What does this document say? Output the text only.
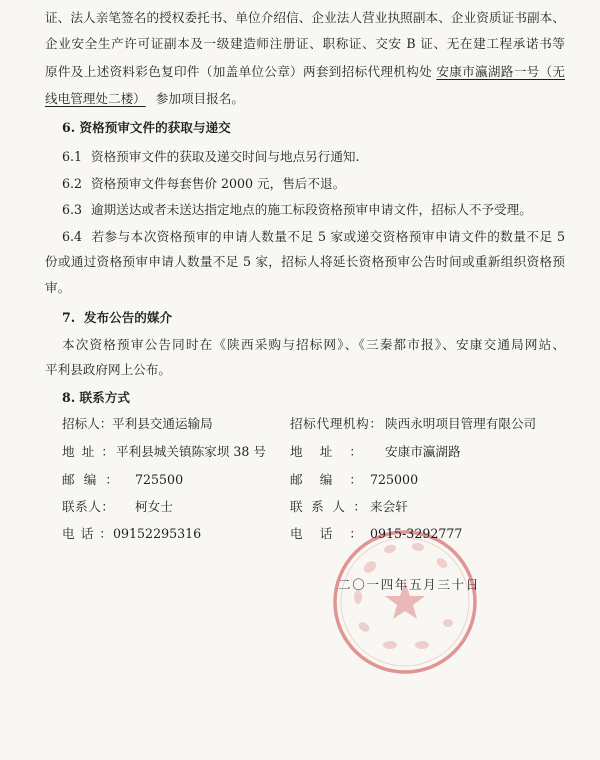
证、法人亲笔签名的授权委托书、单位介绍信、企业法人营业执照副本、企业资质证书副本、
企业安全生产许可证副本及一级建造师注册证、职称证、交安 B 证、无在建工程承诺书等
原件及上述资料彩色复印件（加盖单位公章）两套到招标代理机构处 安康市瀛湖路一号（无
线电管理处二楼） 参加项目报名。
6. 资格预审文件的获取与递交
6.1 资格预审文件的获取及递交时间与地点另行通知.
6.2 资格预审文件每套售价 2000 元，售后不退。
6.3 逾期送达或者未送达指定地点的施工标段资格预审申请文件，招标人不予受理。
6.4 若参与本次资格预审的申请人数量不足 5 家或递交资格预审申请文件的数量不足 5
份或通过资格预审申请人数量不足 5 家，招标人将延长资格预审公告时间或重新组织资格预
审。
7.  发布公告的媒介
本次资格预审公告同时在《陕西采购与招标网》、《三秦都市报》、安康交通局网站、
平利县政府网上公布。
8. 联系方式
招标人：平利县交通运输局
地址： 平利县城关镇陈家坝 38 号
邮编： 725500
联系人： 柯女士
电话：09152295316
招标代理机构： 陕西永明项目管理有限公司
地址： 安康市瀛湖路
邮编： 725000
联系人： 来会轩
电话： 0915-3292777
二〇一四年五月三十日
